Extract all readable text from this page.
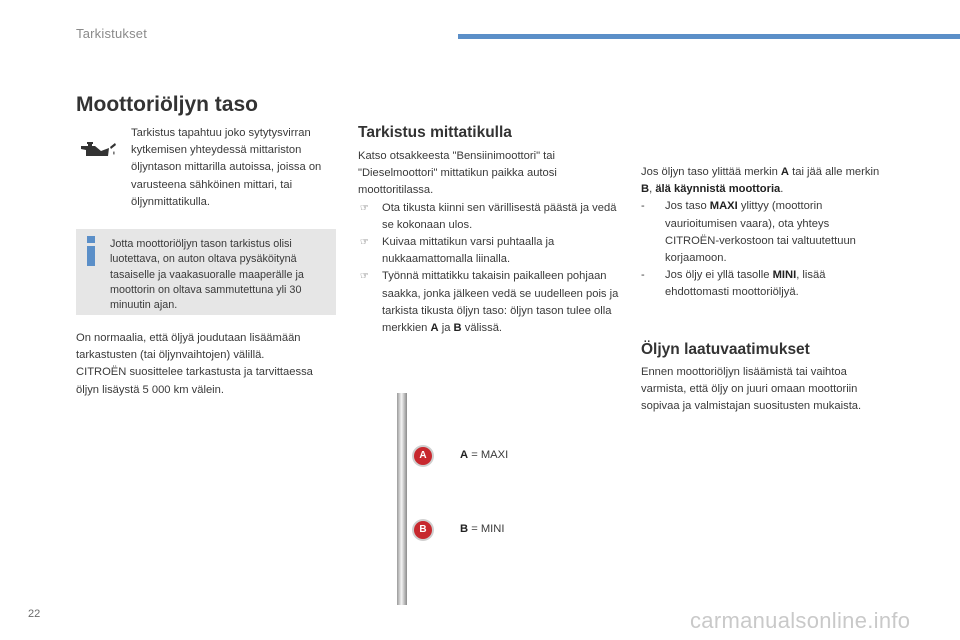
Tarkistukset
Moottoriöljyn taso
Tarkistus tapahtuu joko sytytysvirran kytkemisen yhteydessä mittariston öljyntason mittarilla autoissa, joissa on varusteena sähköinen mittari, tai öljynmittatikulla.
Jotta moottoriöljyn tason tarkistus olisi luotettava, on auton oltava pysäköitynä tasaiselle ja vaakasuoralle maaperälle ja moottorin on oltava sammutettuna yli 30 minuutin ajan.
On normaalia, että öljyä joudutaan lisäämään tarkastusten (tai öljynvaihtojen) välillä. CITROËN suosittelee tarkastusta ja tarvittaessa öljyn lisäystä 5 000 km välein.
Tarkistus mittatikulla
Katso otsakkeesta "Bensiinimoottori" tai "Dieselmoottori" mittatikun paikka autosi moottoritilassa.
☞ Ota tikusta kiinni sen värillisestä päästä ja vedä se kokonaan ulos.
☞ Kuivaa mittatikun varsi puhtaalla ja nukkaamattomalla liinalla.
☞ Työnnä mittatikku takaisin paikalleen pohjaan saakka, jonka jälkeen vedä se uudelleen pois ja tarkista tikusta öljyn taso: öljyn tason tulee olla merkkien A ja B välissä.
A
B
A = MAXI
B = MINI
Jos öljyn taso ylittää merkin A tai jää alle merkin B, älä käynnistä moottoria.
- Jos taso MAXI ylittyy (moottorin vaurioitumisen vaara), ota yhteys CITROËN-verkostoon tai valtuutettuun korjaamoon.
- Jos öljy ei yllä tasolle MINI, lisää ehdottomasti moottoriöljyä.
Öljyn laatuvaatimukset
Ennen moottoriöljyn lisäämistä tai vaihtoa varmista, että öljy on juuri omaan moottoriin sopivaa ja valmistajan suositusten mukaista.
22	carmanualsonline.info
